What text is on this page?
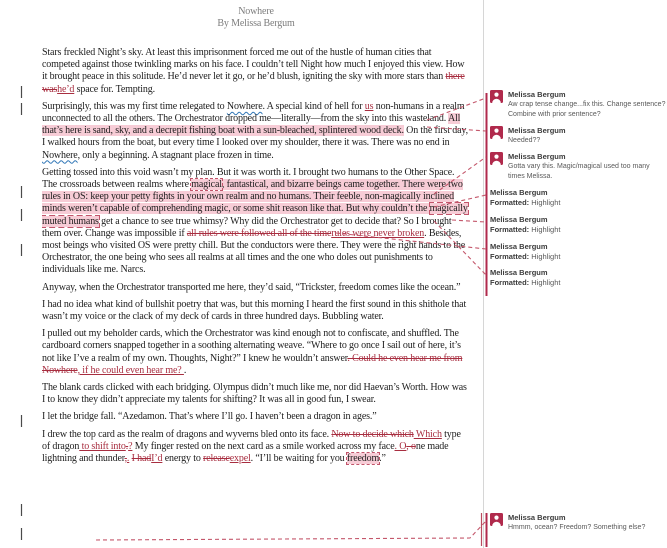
Nowhere
By Melissa Bergum
Stars freckled Night’s sky. At least this imprisonment forced me out of the hustle of human cities that competed against those twinkling marks on his face. I couldn’t tell Night how much I enjoyed this view. How it brought peace in this solitude. He’d never let it go, or he’d blush, igniting the sky with more stars than there washe’d space for. Tempting.
Surprisingly, this was my first time relegated to Nowhere. A special kind of hell for us non-humans in a realm unconnected to all the others. The Orchestrator dropped me—literally—from the sky into this wasteland. All that’s here is sand, sky, and a decrepit fishing boat with a sun-bleached, splintered wood deck. On the first day, I walked hours from the boat, but every time I looked over my shoulder, there it was. There was no end in Nowhere, only a beginning. A stagnant place frozen in time.
Getting tossed into this void wasn’t my plan. But it was worth it. I brought two humans to the Other Space. The crossroads between realms where magical, fantastical, and bizarre beings came together. There were two rules in OS: keep your petty fights in your own realm and no humans. Their feeble, non-magically inclined minds weren’t capable of comprehending magic, or some shit reason like that. But why couldn’t the magically muted humans get a chance to see true whimsy? Why did the Orchestrator get to decide that? So I brought them over. Change was impossible if all rules were followed all of the timerules were never broken. Besides, most beings who visited OS were pretty chill. But the conductors were there. They were the right hands to the Orchestrator, the one being who sees all realms at all times and the one who doles out punishments to individuals like me. Narcs.
Anyway, when the Orchestrator transported me here, they’d said, “Trickster, freedom comes like the ocean.”
I had no idea what kind of bullshit poetry that was, but this morning I heard the first sound in this shithole that wasn’t my voice or the clack of my deck of cards in three hundred days. Bubbling water.
I pulled out my beholder cards, which the Orchestrator was kind enough not to confiscate, and shuffled. The cardboard corners snapped together in a soothing alternating weave. “Where to go once I sail out of here, it’s not like I’ve a realm of my own. Thoughts, Night?” I knew he wouldn’t answer. Could he even hear me from Nowhere, if he could even hear me? .
The blank cards clicked with each bridging. Olympus didn’t much like me, nor did Haevan’s Worth. How was I to know they didn’t appreciate my talents for shifting? It was all in good fun, I swear.
I let the bridge fall. “Azedamon. That’s where I’ll go. I haven’t been a dragon in ages.”
I drew the top card as the realm of dragons and wyverns bled onto its face. Now to decide which Which type of dragon to shift into.? My finger rested on the next card as a smile worked across my face. O, one made lightning and thunder,. I hadI’d energy to releaseexpel. “I’ll be waiting for you freedom.”
Melissa Bergum
Aw crap tense change...fix this. Change sentence? Combine with prior sentence?
Melissa Bergum
Needed??
Melissa Bergum
Gotta vary this. Magic/magical used too many times Melissa.
Melissa Bergum
Formatted: Highlight
Melissa Bergum
Formatted: Highlight
Melissa Bergum
Formatted: Highlight
Melissa Bergum
Formatted: Highlight
Melissa Bergum
Hmmm, ocean? Freedom? Something else?
